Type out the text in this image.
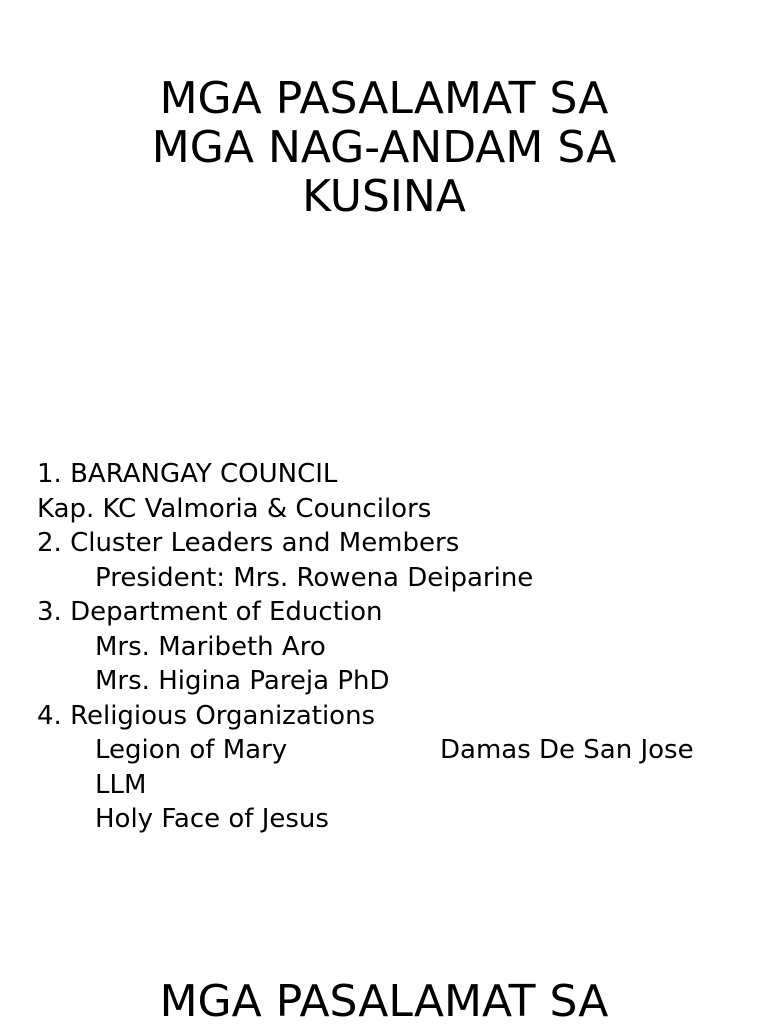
MGA PASALAMAT SA
MGA NAG-ANDAM SA
KUSINA
1. BARANGAY COUNCIL
Kap. KC Valmoria & Councilors
2. Cluster Leaders and Members
President: Mrs. Rowena Deiparine
3. Department of Eduction
Mrs. Maribeth Aro
Mrs. Higina Pareja PhD
4. Religious Organizations
Legion of Mary	Damas De San Jose
LLM
Holy Face of Jesus
MGA PASALAMAT SA
